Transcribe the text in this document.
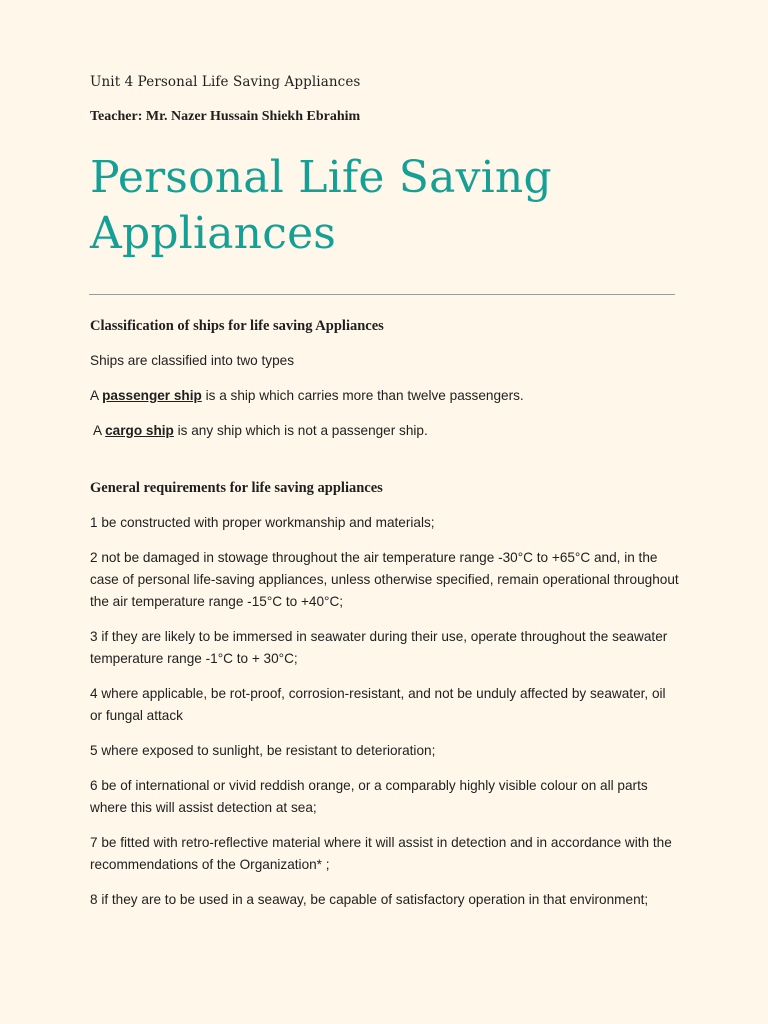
Unit 4 Personal Life Saving Appliances
Teacher: Mr. Nazer Hussain Shiekh Ebrahim
Personal Life Saving
Appliances

Classification of ships for life saving Appliances

Ships are classified into two types

A passenger ship is a ship which carries more than twelve passengers.

A cargo ship is any ship which is not a passenger ship.

General requirements for life saving appliances

1 be constructed with proper workmanship and materials;

2 not be damaged in stowage throughout the air temperature range -30°C to +65°C and, in the case of personal life-saving appliances, unless otherwise specified, remain operational throughout the air temperature range -15°C to +40°C;

3 if they are likely to be immersed in seawater during their use, operate throughout the seawater temperature range -1°C to + 30°C;

4 where applicable, be rot-proof, corrosion-resistant, and not be unduly affected by seawater, oil or fungal attack

5 where exposed to sunlight, be resistant to deterioration;

6 be of international or vivid reddish orange, or a comparably highly visible colour on all parts where this will assist detection at sea;

7 be fitted with retro-reflective material where it will assist in detection and in accordance with the recommendations of the Organization* ;

8 if they are to be used in a seaway, be capable of satisfactory operation in that environment;
